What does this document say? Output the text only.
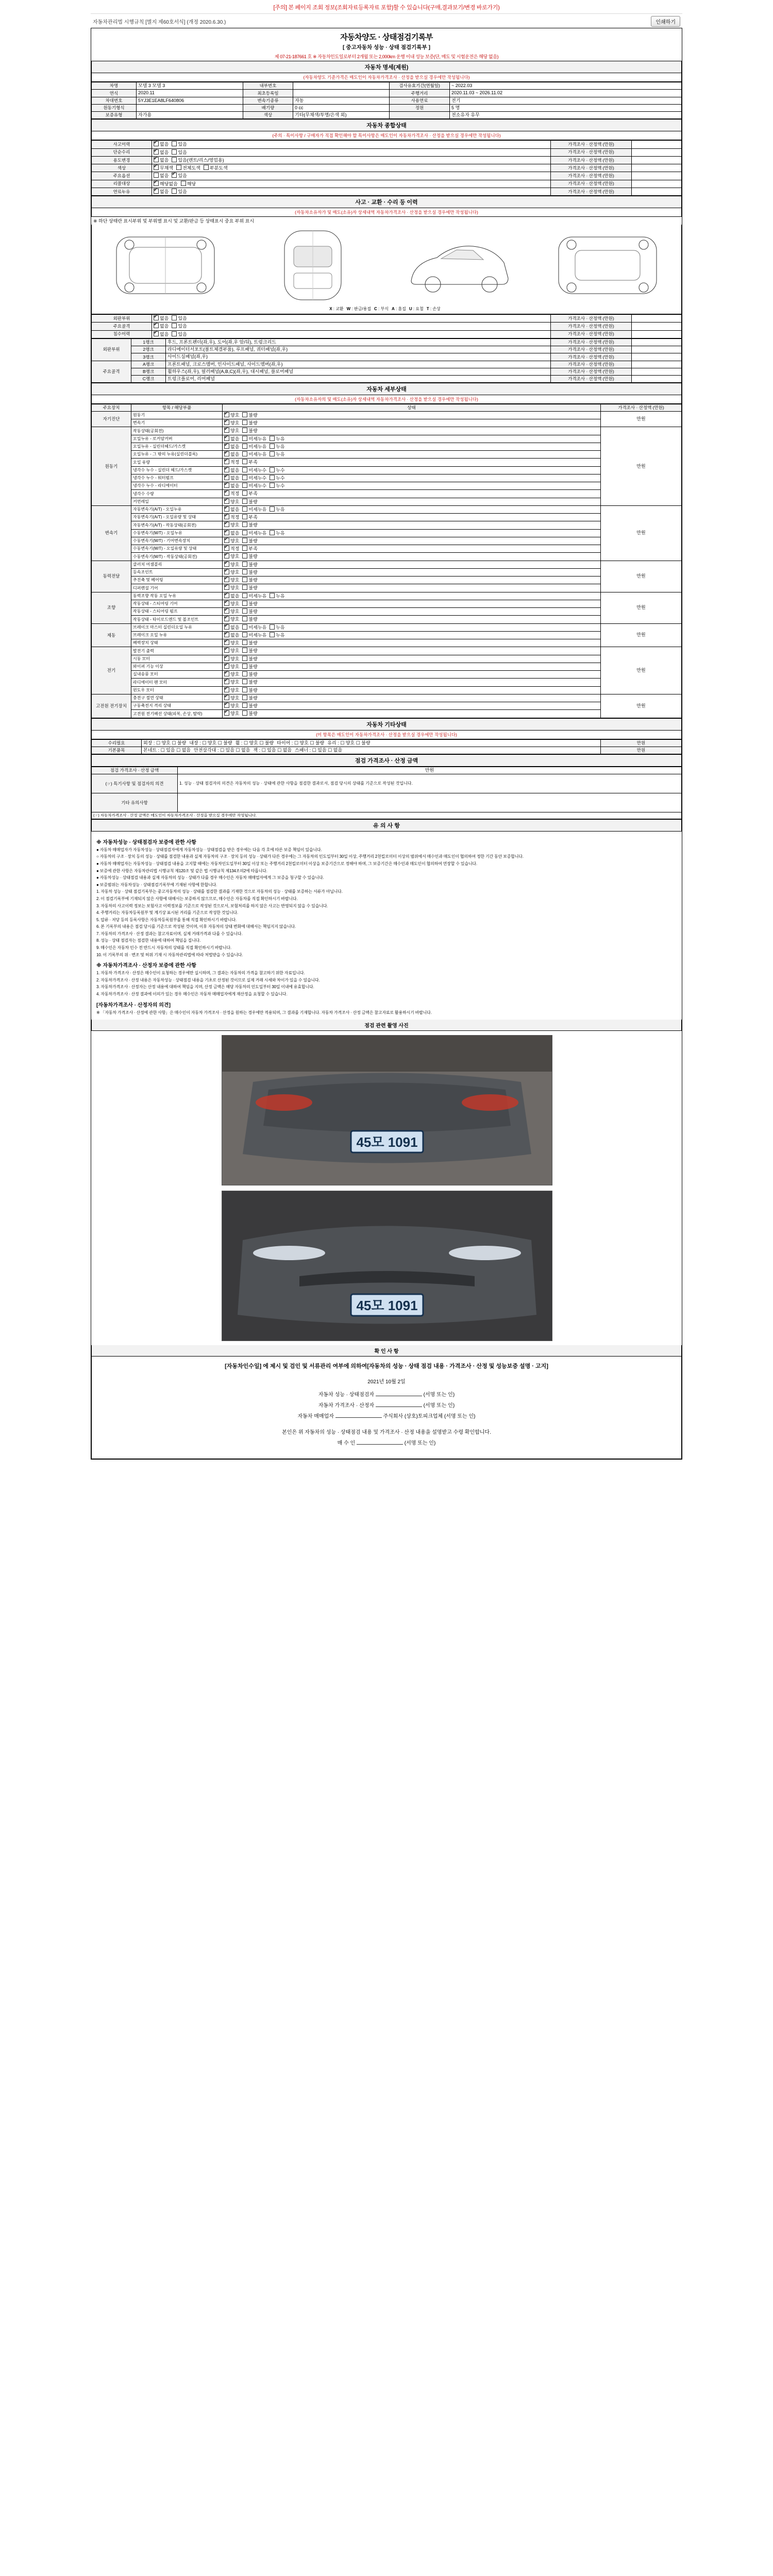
[주의] 본 페이지 조회 정보(조회자료등록자료 포함)할 수 있습니다(구매,결과보기/변경 바로가기)
자동차관리법 시행규칙 [별지 제60호서식] (개정 2020.6.30.)	인쇄하기
자동차양도 · 상태점검기록부
[ 중고자동차 성능 · 상태 점검기록부 ]
제 07-21-187661 호 ※ 자동차인도일로부터 2개월 또는 2,000km 운행 이내 성능 보증(단, 매도 및 시험운전은 해당 없음)
자동차 명세(제원)
(자동차양도 기준가격은 매도인이 자동차가격조사 · 산정을 받으실 경우에만 작성됩니다)
차명	모델 3 모델 3	내부번호		검사유효기간(연월일)	~ 2022.03
연식	2020.11	최초등록일		주행거리	2020.11.03 ~ 2026.11.02
차대번호	5YJ3E1EA8LF640806	변속기종류	자동	사용연료	전기
원동기형식		배기량	0 cc	정원	5 명
보증유형	자가용	색상	기타(무채색/투명/은색 외)		전소유자 유무
자동차 종합상태
(주의 · 특이사항 / 구매자가 직접 확인해야 할 특이사항은 매도인이 자동차가격조사 · 산정을 받으실 경우에만 작성됩니다)
사고이력	✔없음 있음	가격조사 · 산정액 (만원)	
단순수리	✔없음 있음	가격조사 · 산정액 (만원)	
용도변경	✔없음 있음(렌트/리스/영업용)	가격조사 · 산정액 (만원)	
색상	✔무채색 전체도색 부분도색	가격조사 · 산정액 (만원)	
주요옵션	없음 ✔ 있음	가격조사 · 산정액 (만원)	
리콜대상	✔해당없음 해당	가격조사 · 산정액 (만원)	
연료누유	✔없음 있음	가격조사 · 산정액 (만원)	
사고 · 교환 · 수리 등 이력
(자동차소유자가 및 매도(소유)자 상세내역 자동차가격조사 · 산정을 받으실 경우에만 작성됩니다)
※ 하단 상태란 표시부위 및 부위별 표시 및 교환/판금 등 상태표시 중요 부위 표시
X : 교환 W : 판금/용접 C : 부식 A : 흠집 U : 요철 T : 손상
외판부위	✔없음 있음	가격조사 · 산정액 (만원)	
주요골격	✔없음 있음	가격조사 · 산정액 (만원)	
침수이력	✔없음 있음	가격조사 · 산정액 (만원)	
외판부위	1랭크	후드, 프론트펜더(좌,우), 도어(좌,우 앞/뒤), 트렁크리드	가격조사 · 산정액 (만원)	
	2랭크	라디에이터서포트(볼트체결부품), 루프패널, 쿼터패널(좌,우)	가격조사 · 산정액 (만원)	
	3랭크	사이드실패널(좌,우)	가격조사 · 산정액 (만원)	
주요골격	A랭크	프론트패널, 크로스멤버, 인사이드패널, 사이드멤버(좌,우)	가격조사 · 산정액 (만원)	
	B랭크	휠하우스(좌,우), 필러패널(A,B,C)(좌,우), 대시패널, 플로어패널	가격조사 · 산정액 (만원)	
	C랭크	트렁크플로어, 리어패널	가격조사 · 산정액 (만원)	
자동차 세부상태
(자동차소유자의 및 매도(소유)자 상세내역 자동차가격조사 · 산정을 받으실 경우에만 작성됩니다)
주요장치	항목 / 해당부품	상태	가격조사 · 산정액 (만원)
자기진단	원동기	✔양호 불량	만원
	변속기	✔양호 불량
원동기	작동상태(공회전)	✔양호 불량	만원
	오일누유 - 로커암커버	✔없음 미세누유 누유
	오일누유 - 실린더헤드/가스켓	✔없음 미세누유 누유
	오일누유 - 그 밖의 누유(실린더블록)	✔없음 미세누유 누유
	오일 유량	✔적정 부족
	냉각수 누수 - 실린더 헤드/가스켓	✔없음 미세누수 누수
	냉각수 누수 - 워터펌프	✔없음 미세누수 누수
	냉각수 누수 - 라디에이터	✔없음 미세누수 누수
	냉각수 수량	✔적정 부족
	커먼레일	✔양호 불량
변속기	자동변속기(A/T) - 오일누유	✔없음 미세누유 누유	만원
	자동변속기(A/T) - 오일유량 및 상태	✔적정 부족
	자동변속기(A/T) - 작동상태(공회전)	✔양호 불량
	수동변속기(M/T) - 오일누유	✔없음 미세누유 누유
	수동변속기(M/T) - 기어변속장치	✔양호 불량
	수동변속기(M/T) - 오일유량 및 상태	✔적정 부족
	수동변속기(M/T) - 작동상태(공회전)	✔양호 불량
동력전달	클러치 어셈블리	✔양호 불량	만원
	등속조인트	✔양호 불량
	추진축 및 베어링	✔양호 불량
	디퍼렌셜 기어	✔양호 불량
조향	동력조향 작동 오일 누유	✔없음 미세누유 누유	만원
	작동상태 - 스티어링 기어	✔양호 불량
	작동상태 - 스티어링 펌프	✔양호 불량
	작동상태 - 타이로드엔드 및 볼조인트	✔양호 불량
제동	브레이크 마스터 실린더오일 누유	✔없음 미세누유 누유	만원
	브레이크 오일 누유	✔없음 미세누유 누유
	배력장치 상태	✔양호 불량
전기	발전기 출력	✔양호 불량	만원
	시동 모터	✔양호 불량
	와이퍼 기능 이상	✔양호 불량
	실내송풍 모터	✔양호 불량
	라디에이터 팬 모터	✔양호 불량
	윈도우 모터	✔양호 불량
고전원 전기장치	충전구 절연 상태	✔양호 불량	만원
	구동축전지 격리 상태	✔양호 불량
	고전원 전기배선 상태(피복, 손상, 탈락)	✔양호 불량
자동차 기타상태
(미 항목은 매도인이 자동차가격조사 · 산정을 받으실 경우에만 작성됩니다)
수리필요	외장 : ☐ 양호 ☐ 불량 내장 : ☐ 양호 ☐ 불량 휠 : ☐ 양호 ☐ 불량 타이어 : ☐ 양호 ☐ 불량 유리 : ☐ 양호 ☐ 불량	만원
기본품목	본네트 : ☐ 있음 ☐ 없음 안전삼각대 : ☐ 있음 ☐ 없음 잭 : ☐ 있음 ☐ 없음 스패너 : ☐ 있음 ☐ 없음	만원
점검 가격조사 · 산정 금액
점검 가격조사 · 산정 금액	만원
(☞) 특기사항 및 점검자의 의견	1. 성능 · 상태 점검자의 의견은 자동차의 성능 · 상태에 관한 사항을 점검한 결과로서, 점검 당시의 상태를 기준으로 작성된 것입니다.
기타 유의사항	
(☞) 자동차가격조사 · 산정 금액은 매도인이 자동차가격조사 · 산정을 받으실 경우에만 작성됩니다.	
유 의 사 항
※ 자동차성능 · 상태점검자 보증에 관한 사항

● 자동차 매매업자가 자동차성능 · 상태점검자에게 자동차성능 · 상태점검을 받은 경우에는 다음 각 호에 따른 보증 책임이 있습니다.

○ 자동차의 구조 · 장치 등의 성능 · 상태를 점검한 내용과 실제 자동차의 구조 · 장치 등의 성능 · 상태가 다른 경우에는 그 자동차의 인도일부터 30일 이상, 주행거리 2천킬로미터 이상의 범위에서 매수인과 매도인이 협의하여 정한 기간 동안 보증합니다.

● 자동차 매매업자는 자동차성능 · 상태점검 내용을 고지할 때에는 자동차인도일부터 30일 이상 또는 주행거리 2천킬로미터 이상을 보증기간으로 정해야 하며, 그 보증기간은 매수인과 매도인이 협의하여 연장할 수 있습니다.

● 보증에 관한 사항은 자동차관리법 시행규칙 제120조 및 같은 법 시행규칙 제134조의2에 따릅니다.

● 자동차성능 · 상태점검 내용과 실제 자동차의 성능 · 상태가 다를 경우 매수인은 자동차 매매업자에게 그 보증을 청구할 수 있습니다.

● 보증범위는 자동차성능 · 상태점검기록부에 기재된 사항에 한합니다.

1. 자동차 성능 · 상태 점검기록부는 중고자동차의 성능 · 상태를 점검한 결과를 기재한 것으로 자동차의 성능 · 상태를 보증하는 서류가 아닙니다.

2. 이 점검기록부에 기재되지 않은 사항에 대해서는 보증하지 않으므로, 매수인은 자동차를 직접 확인하시기 바랍니다.

3. 자동차의 사고이력 정보는 보험사고 이력정보를 기준으로 작성된 것으로서, 보험처리를 하지 않은 사고는 반영되지 않을 수 있습니다.

4. 주행거리는 자동차등록원부 및 계기상 표시된 거리를 기준으로 작성한 것입니다.

5. 압류 · 저당 등의 등록사항은 자동차등록원부를 통해 직접 확인하시기 바랍니다.

6. 본 기록부의 내용은 점검 당시를 기준으로 작성된 것이며, 이후 자동차의 상태 변화에 대해서는 책임지지 않습니다.

7. 자동차의 가격조사 · 산정 결과는 참고자료이며, 실제 거래가격과 다를 수 있습니다.

8. 성능 · 상태 점검자는 점검한 내용에 대하여 책임을 집니다.

9. 매수인은 자동차 인수 전 반드시 자동차의 상태를 직접 확인하시기 바랍니다.

10. 이 기록부의 위 · 변조 및 허위 기재 시 자동차관리법에 따라 처벌받을 수 있습니다.

※ 자동차가격조사 · 산정자 보증에 관한 사항

1. 자동차 가격조사 · 산정은 매수인이 요청하는 경우에만 실시하며, 그 결과는 자동차의 가격을 참고하기 위한 자료입니다.

2. 자동차가격조사 · 산정 내용은 자동차성능 · 상태점검 내용을 기초로 산정된 것이므로 실제 거래 시세와 차이가 있을 수 있습니다.

3. 자동차가격조사 · 산정자는 산정 내용에 대하여 책임을 지며, 산정 금액은 해당 자동차의 인도일부터 30일 이내에 유효합니다.

4. 자동차가격조사 · 산정 결과에 이의가 있는 경우 매수인은 자동차 매매업자에게 재산정을 요청할 수 있습니다.

[자동차가격조사 · 산정자의 의견]

※ 「자동차 가격조사 · 산정에 관한 사항」은 매수인이 자동차 가격조사 · 산정을 원하는 경우에만 적용되며, 그 결과를 기재합니다. 자동차 가격조사 · 산정 금액은 참고자료로 활용하시기 바랍니다.

점검 관련 촬영 사진
45모 1091
45모 1091
확 인 사 항
[자동차인수일] 에 제시 및 검인 및 서류관리 여부에 의하여[자동차의 성능 · 상태 점검 내용 · 가격조사 · 산정 및 성능보증 설명 · 고지]
2021년 10월 2일
자동차 성능 · 상태점검자	(서명 또는 인)
자동차 가격조사 · 산정자	(서명 또는 인)
자동차 매매업자	주식회사 (상호)토피크업체 (서명 또는 인)
본인은 위 자동차의 성능 · 상태점검 내용 및 가격조사 · 산정 내용을 설명받고 수령 확인합니다.
매 수 인	(서명 또는 인)
